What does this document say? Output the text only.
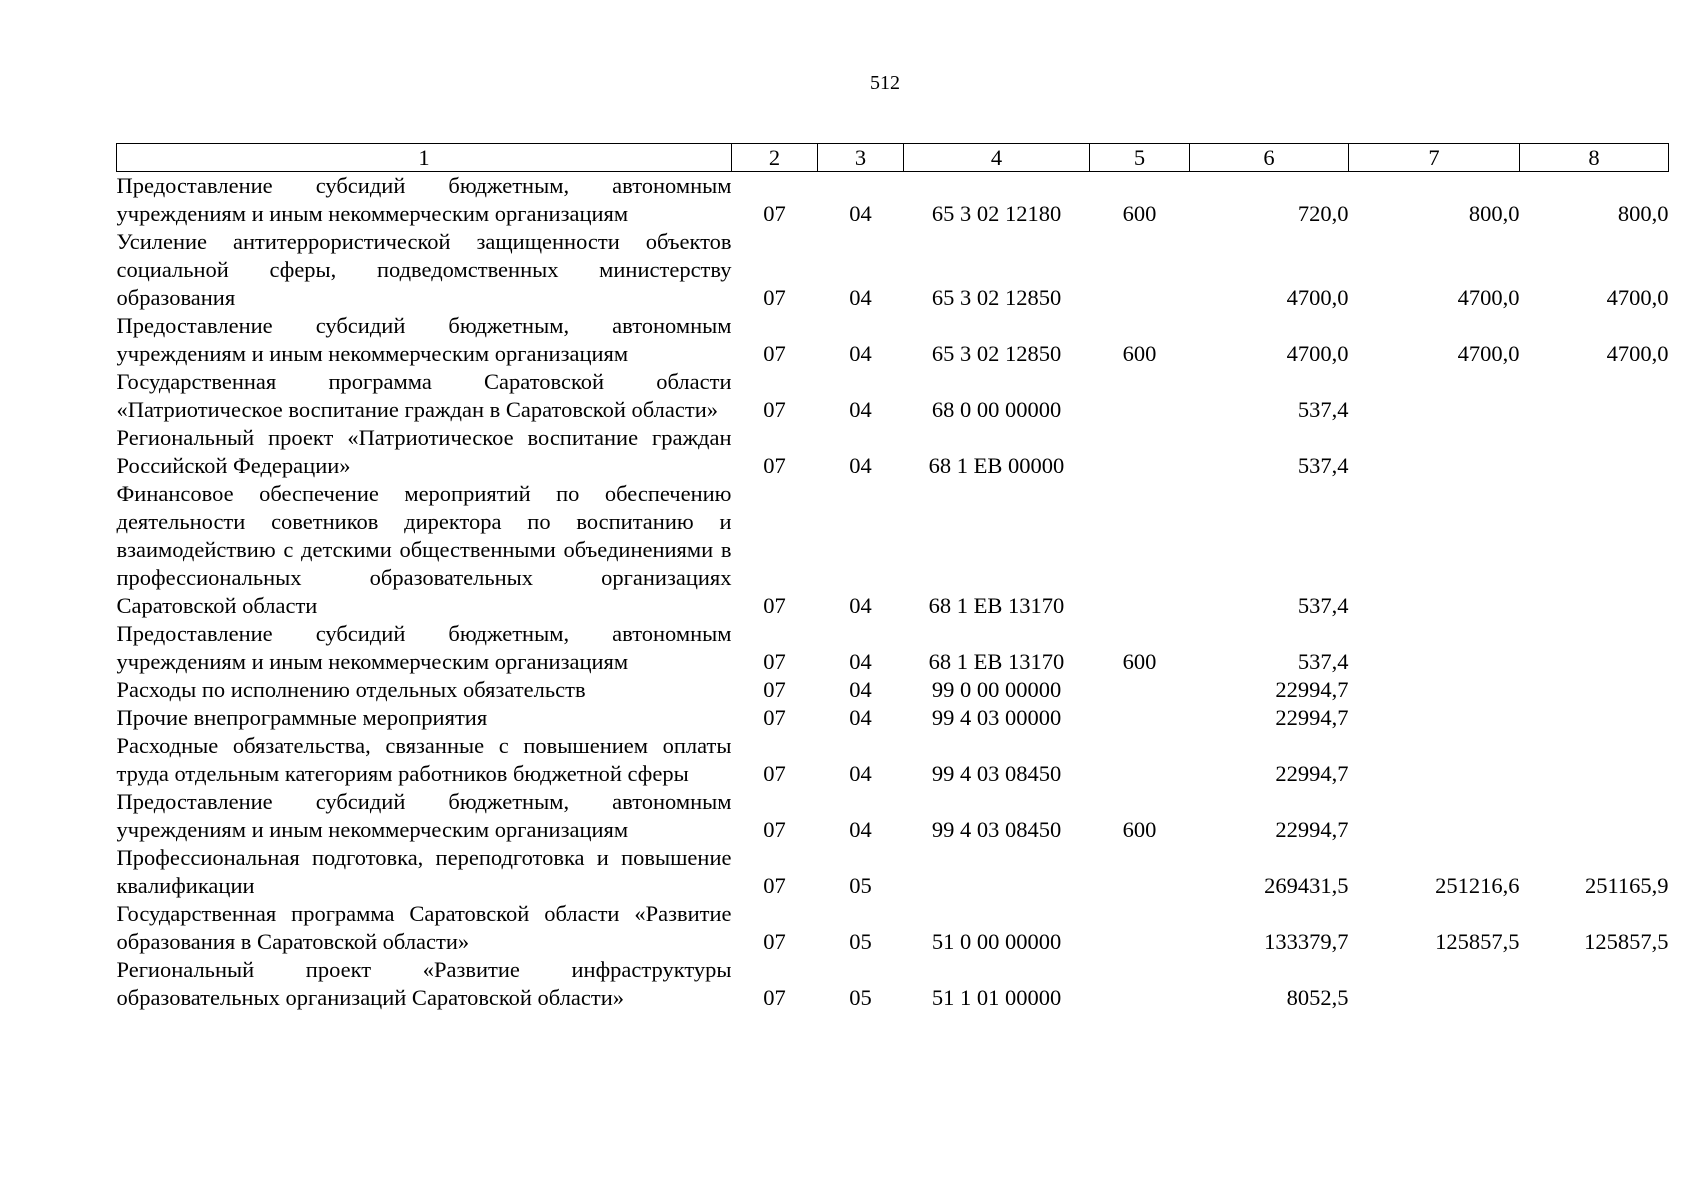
512
1	2	3	4	5	6	7	8
Предоставление субсидий бюджетным, автономным учреждениям и иным некоммерческим организациям	07	04	65 3 02 12180	600	720,0	800,0	800,0
Усиление антитеррористической защищенности объектов социальной сферы, подведомственных министерству образования	07	04	65 3 02 12850		4700,0	4700,0	4700,0
Предоставление субсидий бюджетным, автономным учреждениям и иным некоммерческим организациям	07	04	65 3 02 12850	600	4700,0	4700,0	4700,0
Государственная программа Саратовской области «Патриотическое воспитание граждан в Саратовской области»	07	04	68 0 00 00000		537,4		
Региональный проект «Патриотическое воспитание граждан Российской Федерации»	07	04	68 1 ЕВ 00000		537,4		
Финансовое обеспечение мероприятий по обеспечению деятельности советников директора по воспитанию и взаимодействию с детскими общественными объединениями в профессиональных образовательных организациях Саратовской области	07	04	68 1 ЕВ 13170		537,4		
Предоставление субсидий бюджетным, автономным учреждениям и иным некоммерческим организациям	07	04	68 1 ЕВ 13170	600	537,4		
Расходы по исполнению отдельных обязательств	07	04	99 0 00 00000		22994,7		
Прочие внепрограммные мероприятия	07	04	99 4 03 00000		22994,7		
Расходные обязательства, связанные с повышением оплаты труда отдельным категориям работников бюджетной сферы	07	04	99 4 03 08450		22994,7		
Предоставление субсидий бюджетным, автономным учреждениям и иным некоммерческим организациям	07	04	99 4 03 08450	600	22994,7		
Профессиональная подготовка, переподготовка и повышение квалификации	07	05			269431,5	251216,6	251165,9
Государственная программа Саратовской области «Развитие образования в Саратовской области»	07	05	51 0 00 00000		133379,7	125857,5	125857,5
Региональный проект «Развитие инфраструктуры образовательных организаций Саратовской области»	07	05	51 1 01 00000		8052,5		
